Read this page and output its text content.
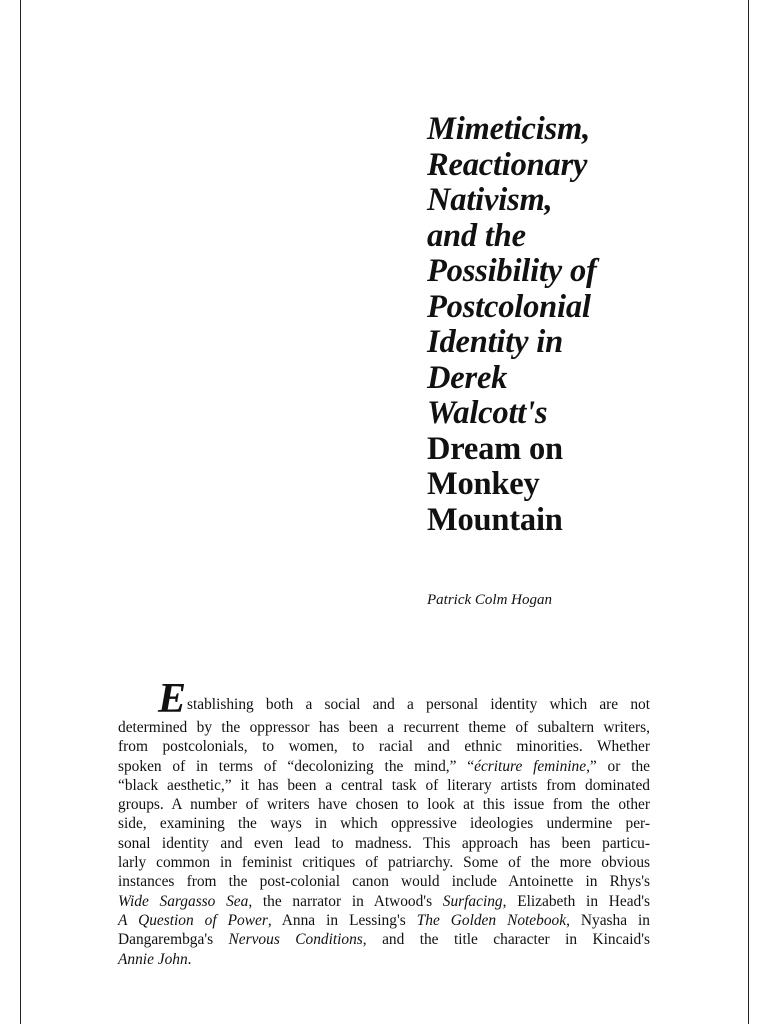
Mimeticism,
Reactionary
Nativism,
and the
Possibility of
Postcolonial
Identity in
Derek
Walcott's
Dream on
Monkey
Mountain
Patrick Colm Hogan
Establishing both a social and a personal identity which are not
determined by the oppressor has been a recurrent theme of subaltern writers,
from postcolonials, to women, to racial and ethnic minorities. Whether
spoken of in terms of “decolonizing the mind,” “écriture feminine,” or the
“black aesthetic,” it has been a central task of literary artists from dominated
groups. A number of writers have chosen to look at this issue from the other
side, examining the ways in which oppressive ideologies undermine per-
sonal identity and even lead to madness. This approach has been particu-
larly common in feminist critiques of patriarchy. Some of the more obvious
instances from the post-colonial canon would include Antoinette in Rhys's
Wide Sargasso Sea, the narrator in Atwood's Surfacing, Elizabeth in Head's
A Question of Power, Anna in Lessing's The Golden Notebook, Nyasha in
Dangarembga's Nervous Conditions, and the title character in Kincaid's
Annie John.
